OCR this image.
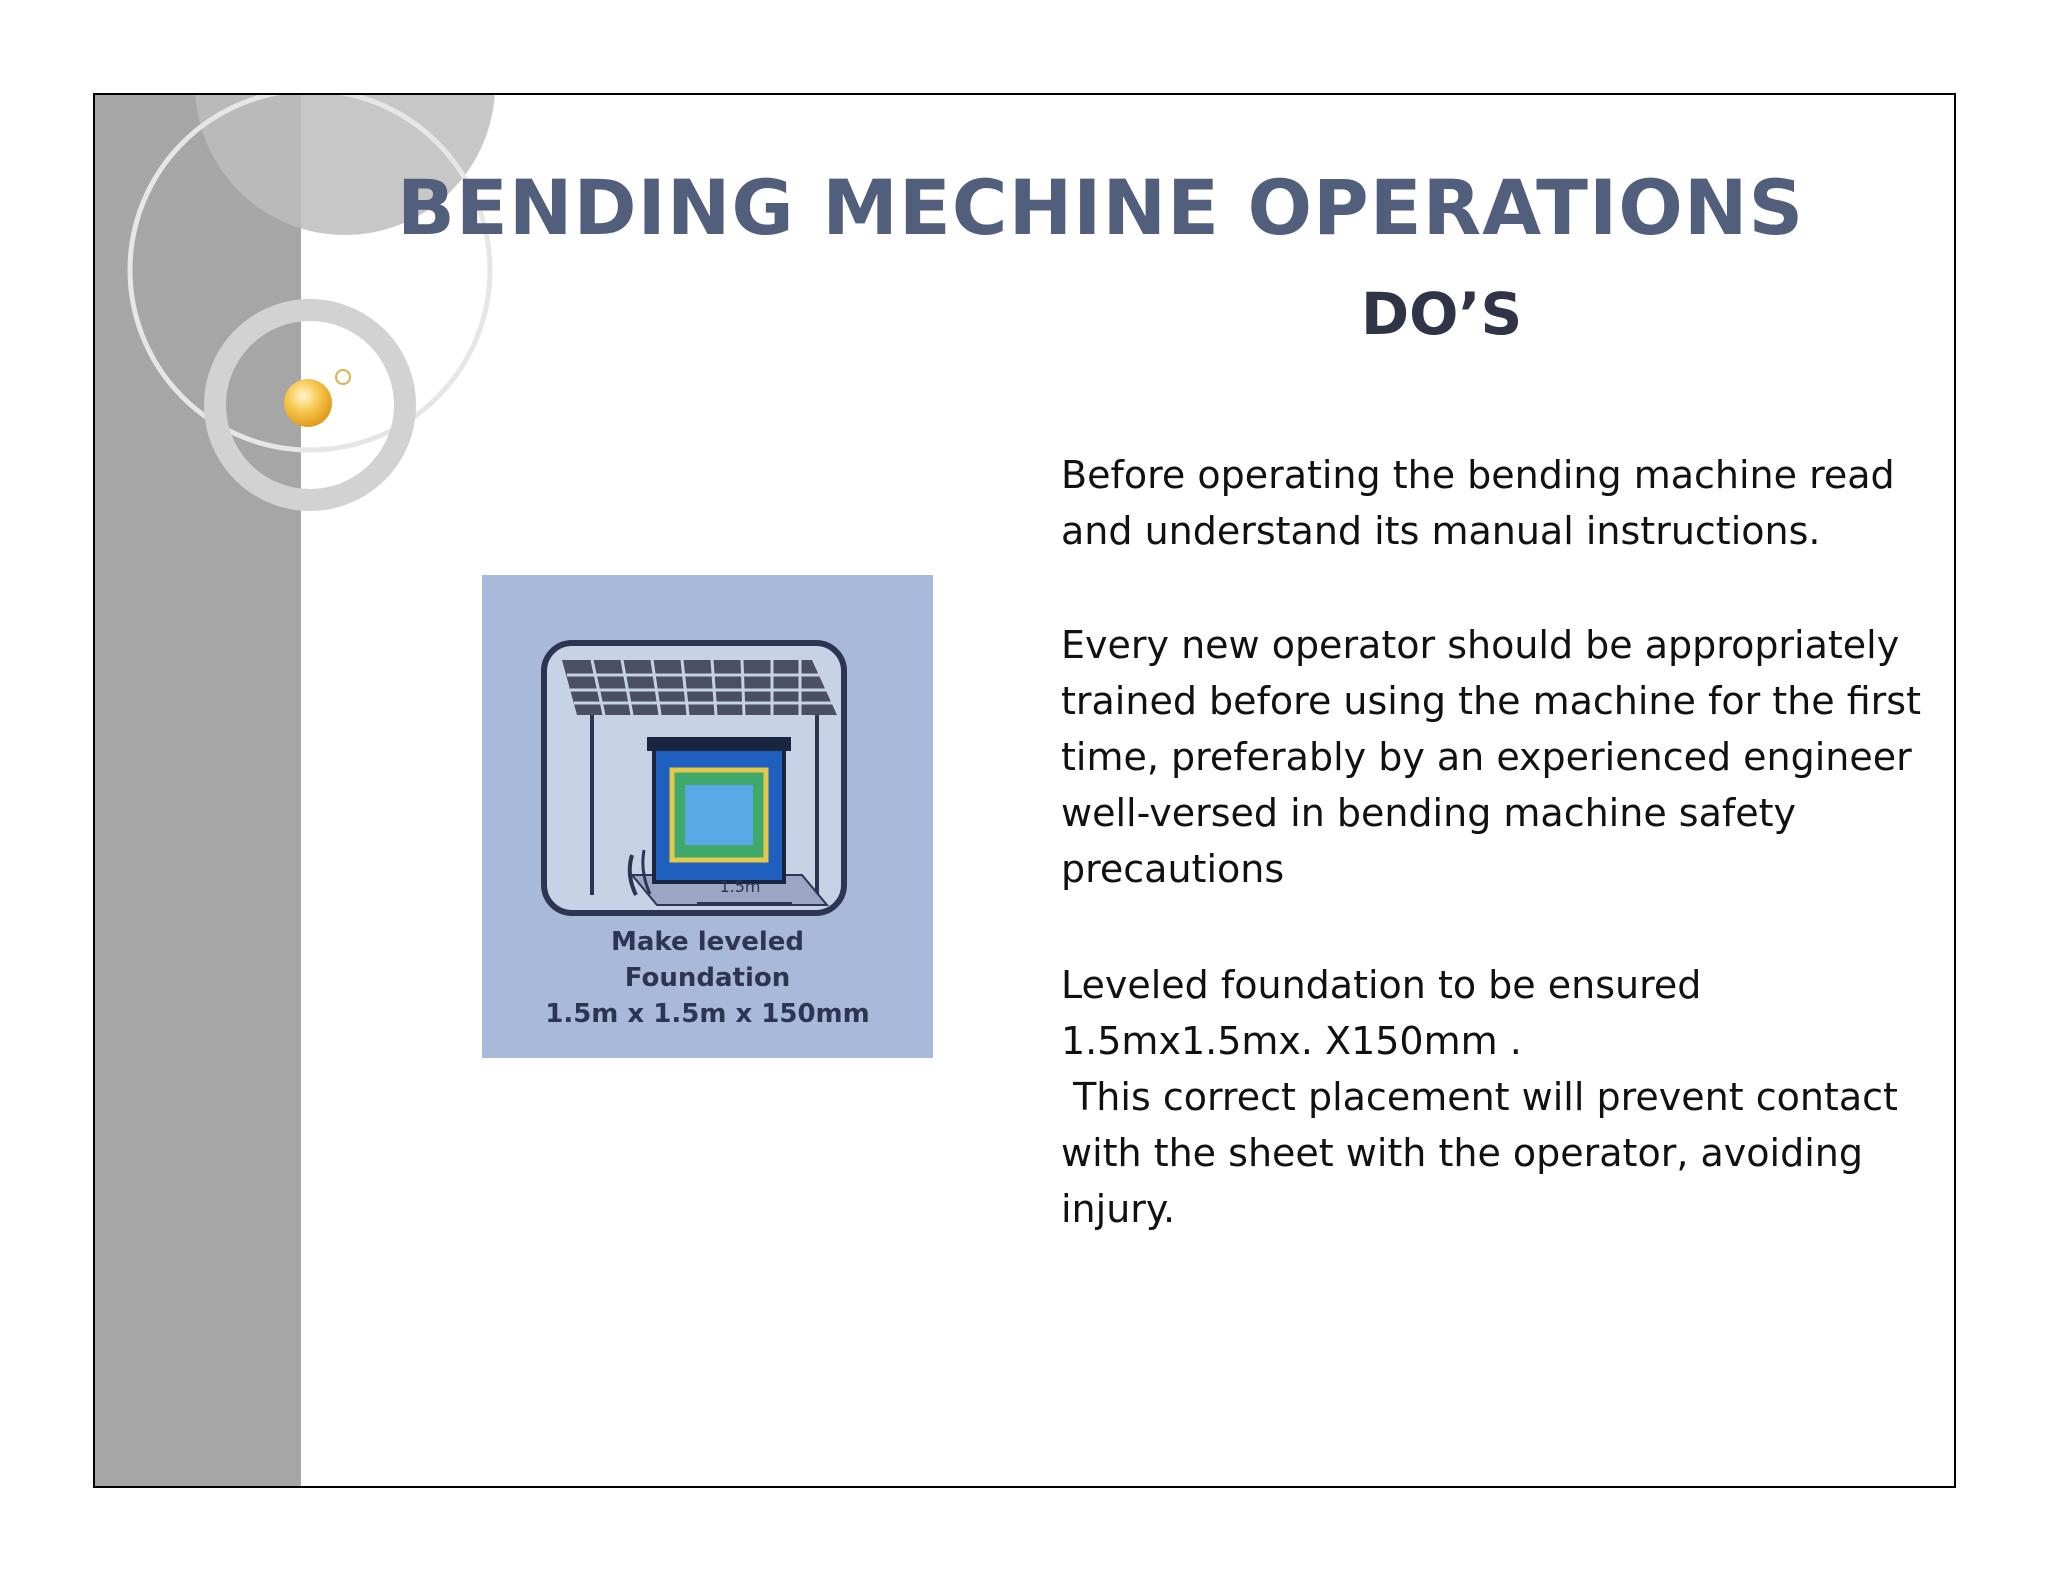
BENDING MECHINE OPERATIONS
DO’S
1.5m
Make leveled
Foundation
1.5m x 1.5m x 150mm

Before operating the bending machine read and understand its manual instructions.

Every new operator should be appropriately trained before using the machine for the first time, preferably by an experienced engineer well-versed in bending machine safety precautions

Leveled foundation to be ensured

1.5mx1.5mx. X150mm .

This correct placement will prevent contact with the sheet with the operator, avoiding injury.
